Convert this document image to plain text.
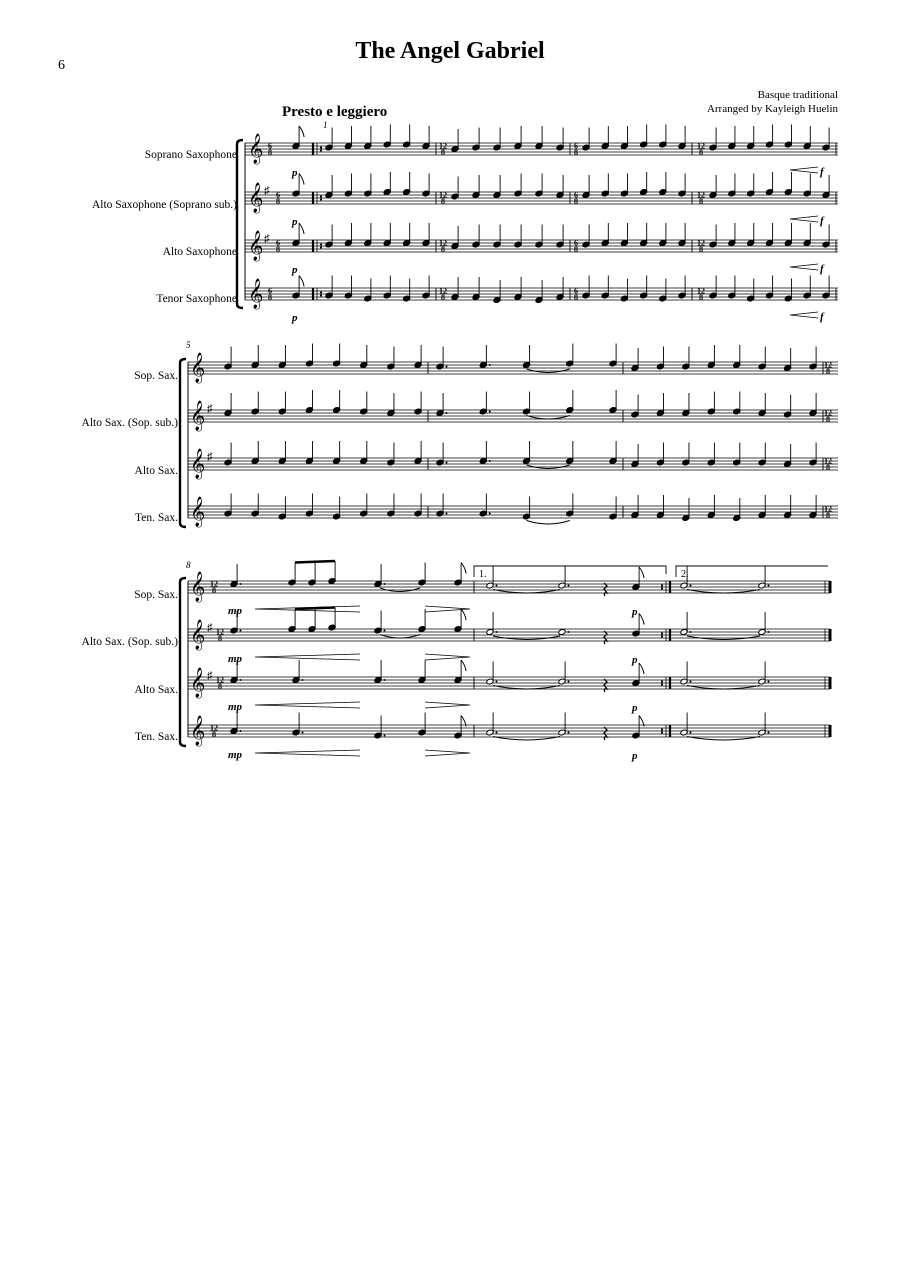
6
The Angel Gabriel
Basque traditional
Arranged by Kayleigh Huelin
Presto e leggiero
Soprano Saxophone
Alto Saxophone (Soprano sub.)
Alto Saxophone
Tenor Saxophone
Sop. Sax.
Alto Sax. (Sop. sub.)
Alto Sax.
Ten. Sax.
Sop. Sax.
Alto Sax. (Sop. sub.)
Alto Sax.
Ten. Sax.
𝄞 6
8
p
12
8
6
8
12
8
f
𝄞 ♯ 6
8
p
12
8
6
8
12
8
f
𝄞 ♯ 6
8
p
12
8
6
8
12
8
f
𝄞 6
8
p
12
8
6
8
12
8
f
1
𝄞	12
8
𝄞 ♯	12
8
𝄞 ♯	12
8
𝄞	12
8
5
𝄞 12
8
p
mp
𝄞 ♯ 12
8
p
mp
𝄞 ♯ 12
8
p
mp
𝄞 12
8
p
mp
8
1.	2.
